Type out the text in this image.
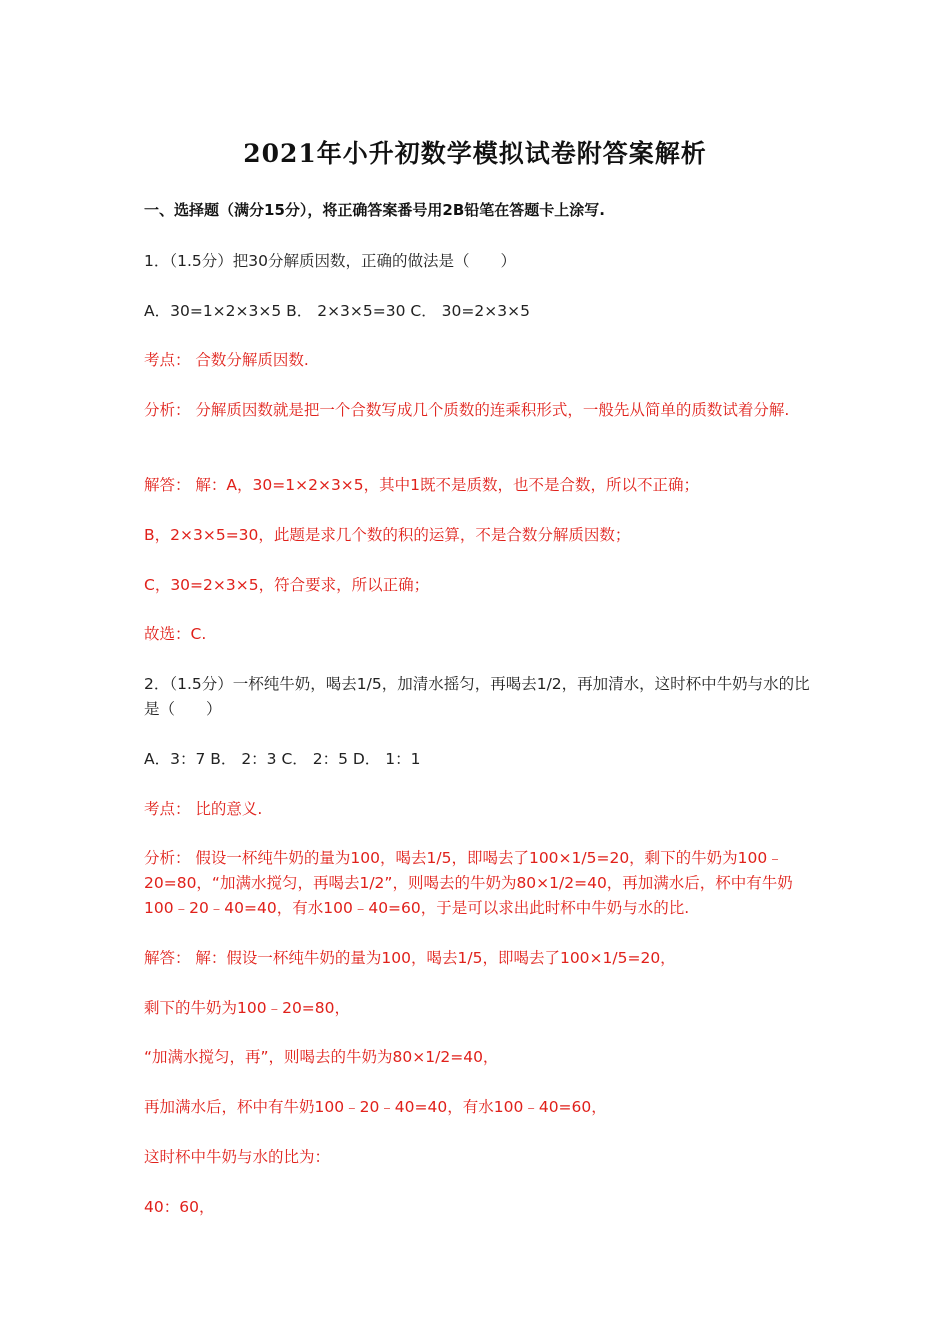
2021年小升初数学模拟试卷附答案解析
一、选择题（满分15分），将正确答案番号用2B铅笔在答题卡上涂写.
1．（1.5分）把30分解质因数，正确的做法是（　　）
A．30=1×2×3×5 B． 2×3×5=30 C． 30=2×3×5
考点： 合数分解质因数.
分析： 分解质因数就是把一个合数写成几个质数的连乘积形式，一般先从简单的质数试着分解.
解答： 解：A，30=1×2×3×5，其中1既不是质数，也不是合数，所以不正确；
B，2×3×5=30，此题是求几个数的积的运算，不是合数分解质因数；
C，30=2×3×5，符合要求，所以正确；
故选：C.
2．（1.5分）一杯纯牛奶，喝去1/5，加清水摇匀，再喝去1/2，再加清水，这时杯中牛奶与水的比是（　　）
A．3：7 B． 2：3 C． 2：5 D． 1：1
考点： 比的意义.
分析： 假设一杯纯牛奶的量为100，喝去1/5，即喝去了100×1/5=20，剩下的牛奶为100﹣20=80，“加满水搅匀，再喝去1/2”，则喝去的牛奶为80×1/2=40，再加满水后，杯中有牛奶100﹣20﹣40=40，有水100﹣40=60，于是可以求出此时杯中牛奶与水的比.
解答： 解：假设一杯纯牛奶的量为100，喝去1/5，即喝去了100×1/5=20，
剩下的牛奶为100﹣20=80，
“加满水搅匀，再”，则喝去的牛奶为80×1/2=40，
再加满水后，杯中有牛奶100﹣20﹣40=40，有水100﹣40=60，
这时杯中牛奶与水的比为：
40：60，
